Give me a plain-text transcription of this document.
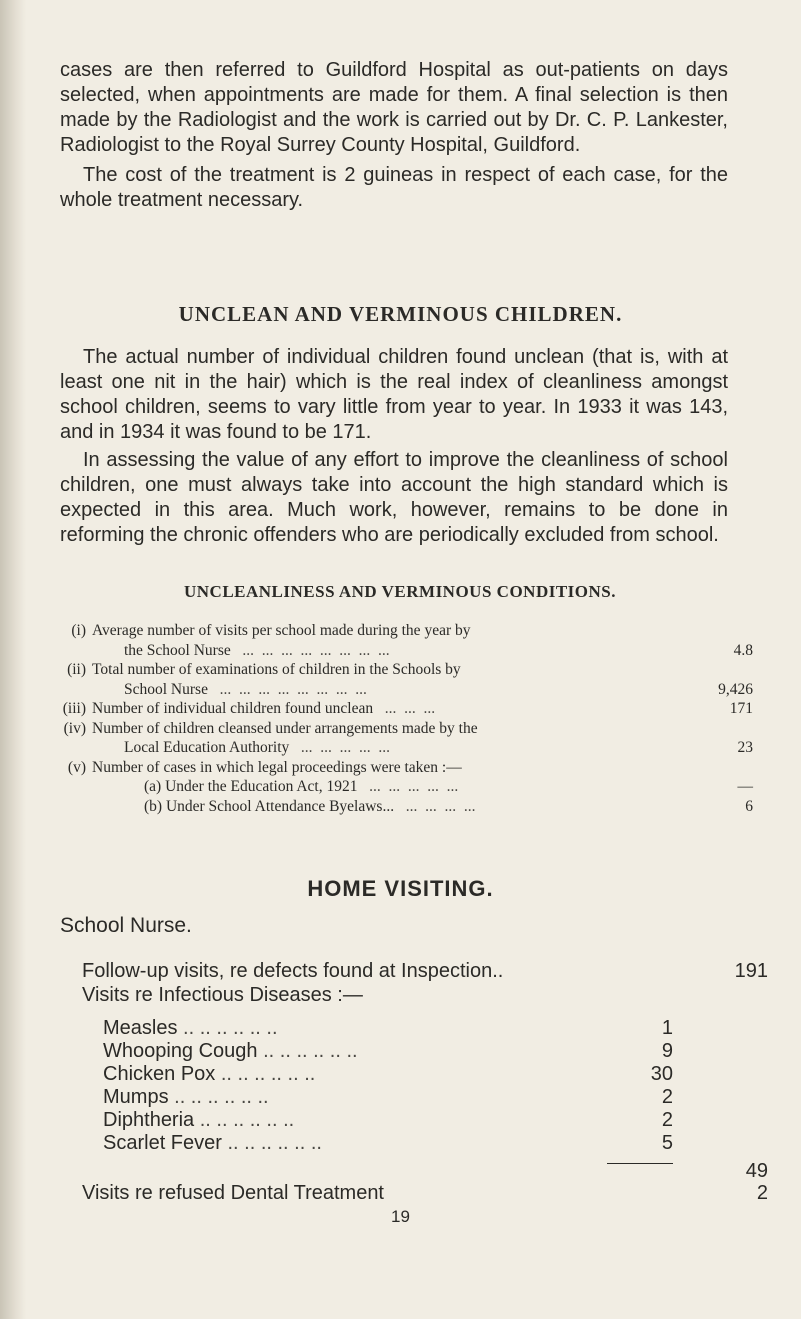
cases are then referred to Guildford Hospital as out-patients on days selected, when appointments are made for them. A final selection is then made by the Radiologist and the work is carried out by Dr. C. P. Lankester, Radiologist to the Royal Surrey County Hospital, Guildford.

The cost of the treatment is 2 guineas in respect of each case, for the whole treatment necessary.

UNCLEAN AND VERMINOUS CHILDREN.

The actual number of individual children found unclean (that is, with at least one nit in the hair) which is the real index of cleanliness amongst school children, seems to vary little from year to year. In 1933 it was 143, and in 1934 it was found to be 171.

In assessing the value of any effort to improve the cleanliness of school children, one must always take into account the high standard which is expected in this area. Much work, however, remains to be done in reforming the chronic offenders who are periodically excluded from school.

UNCLEANLINESS AND VERMINOUS CONDITIONS.
(i) Average number of visits per school made during the year by
the School Nurse   ...  ...  ...  ...  ...  ...  ...  ...	4.8
(ii) Total number of examinations of children in the Schools by
School Nurse   ...  ...  ...  ...  ...  ...  ...  ...	9,426
(iii) Number of individual children found unclean   ...  ...  ...	171
(iv) Number of children cleansed under arrangements made by the
Local Education Authority   ...  ...  ...  ...  ...	23
(v) Number of cases in which legal proceedings were taken :—
(a) Under the Education Act, 1921   ...  ...  ...  ...  ...	—
(b) Under School Attendance Byelaws...   ...  ...  ...  ...	6
HOME VISITING.
School Nurse.
Follow-up visits, re defects found at Inspection..	191
Visits re Infectious Diseases :—
Measles .. .. .. .. .. ..	1
Whooping Cough .. .. .. .. .. ..	9
Chicken Pox .. .. .. .. .. ..	30
Mumps .. .. .. .. .. ..	2
Diphtheria .. .. .. .. .. ..	2
Scarlet Fever .. .. .. .. .. ..	5
49
Visits re refused Dental Treatment	2
19
